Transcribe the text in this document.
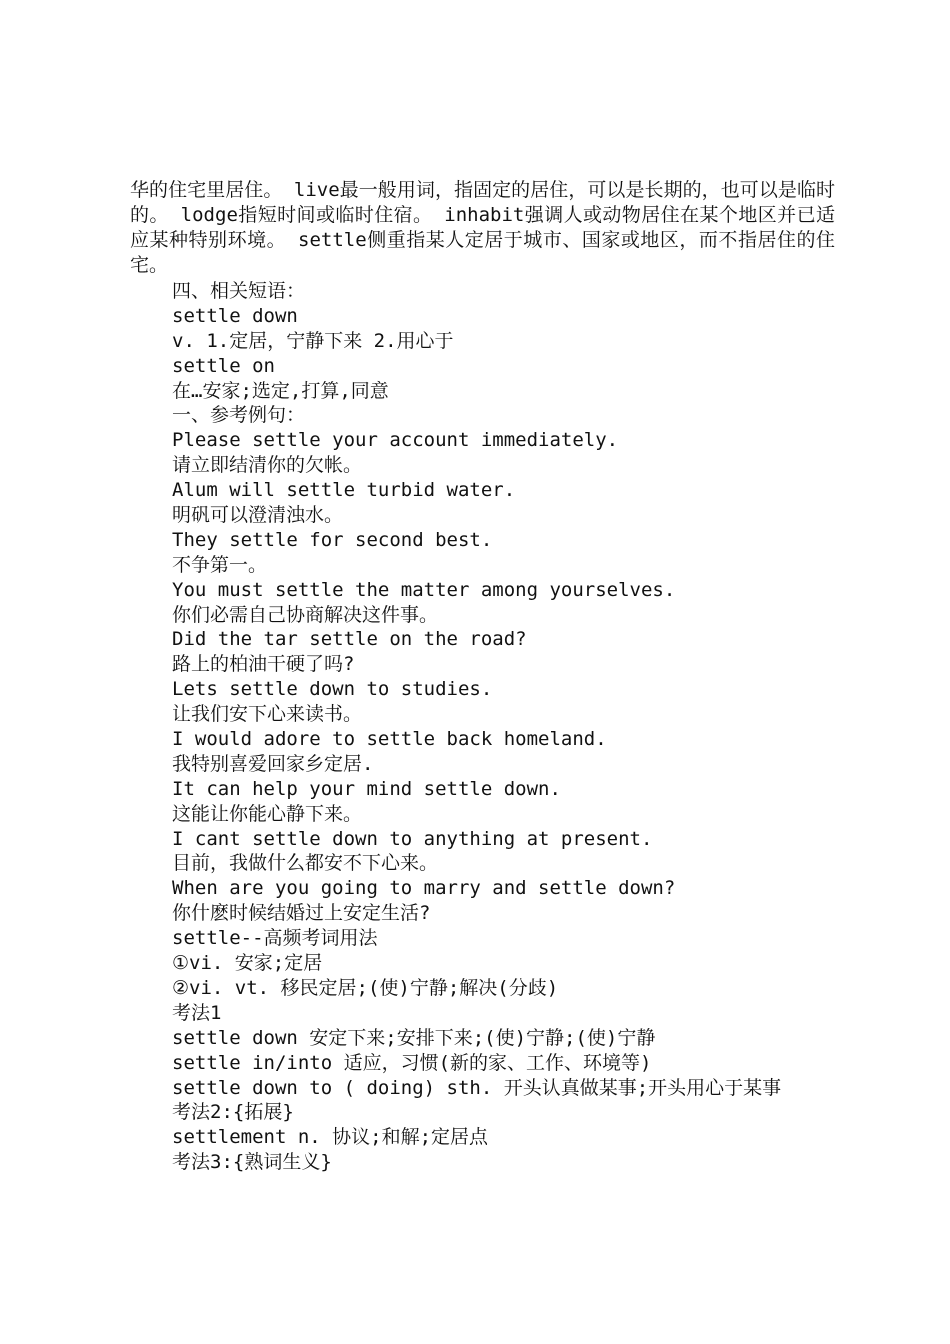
华的住宅里居住。 live最一般用词，指固定的居住，可以是长期的，也可以是临时的。 lodge指短时间或临时住宿。 inhabit强调人或动物居住在某个地区并已适应某种特别环境。 settle侧重指某人定居于城市、国家或地区，而不指居住的住宅。

四、相关短语：
settle down
v. 1.定居，宁静下来 2.用心于
settle on
在…安家;选定,打算,同意
一、参考例句：
Please settle your account immediately.
请立即结清你的欠帐。
Alum will settle turbid water.
明矾可以澄清浊水。
They settle for second best.
不争第一。
You must settle the matter among yourselves.
你们必需自己协商解决这件事。
Did the tar settle on the road?
路上的柏油干硬了吗?
Lets settle down to studies.
让我们安下心来读书。
I would adore to settle back homeland.
我特别喜爱回家乡定居.
It can help your mind settle down.
这能让你能心静下来。
I cant settle down to anything at present.
目前，我做什么都安不下心来。
When are you going to marry and settle down?
你什麽时候结婚过上安定生活?
settle--高频考词用法
①vi. 安家;定居
②vi. vt. 移民定居;(使)宁静;解决(分歧)
考法1
settle down 安定下来;安排下来;(使)宁静;(使)宁静
settle in/into 适应，习惯(新的家、工作、环境等)
settle down to ( doing) sth. 开头认真做某事;开头用心于某事
考法2:{拓展}
settlement n. 协议;和解;定居点
考法3:{熟词生义}
